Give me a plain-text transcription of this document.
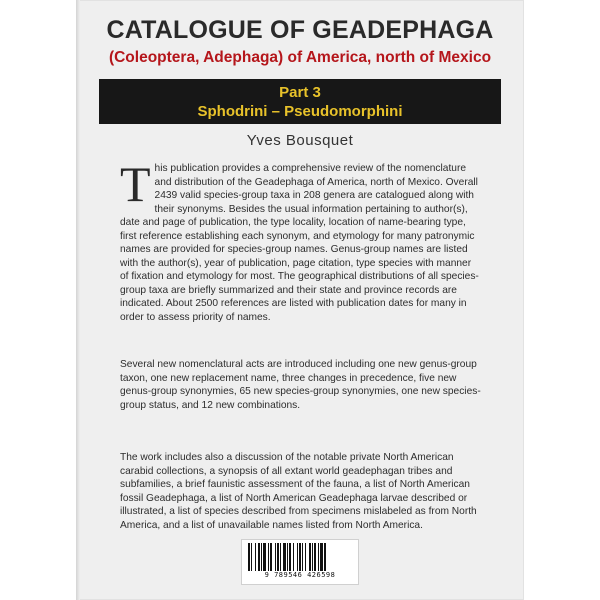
CATALOGUE OF GEADEPHAGA
(Coleoptera, Adephaga) of America, north of Mexico
Part 3
Sphodrini – Pseudomorphini
Yves Bousquet

This publication provides a comprehensive review of the nomenclature and distribution of the Geadephaga of America, north of Mexico. Overall 2439 valid species-group taxa in 208 genera are catalogued along with their synonyms. Besides the usual information pertaining to author(s), date and page of publication, the type locality, location of name-bearing type, first reference establishing each synonym, and etymology for many patronymic names are provided for species-group names. Genus-group names are listed with the author(s), year of publication, page citation, type species with manner of fixation and etymology for most. The geographical distributions of all species-group taxa are briefly summarized and their state and province records are indicated. About 2500 references are listed with publication dates for many in order to assess priority of names.

Several new nomenclatural acts are introduced including one new genus-group taxon, one new replacement name, three changes in precedence, five new genus-group synonymies, 65 new species-group synonymies, one new species-group status, and 12 new combinations.

The work includes also a discussion of the notable private North American carabid collections, a synopsis of all extant world geadephagan tribes and subfamilies, a brief faunistic assessment of the fauna, a list of North American fossil Geadephaga, a list of North American Geadephaga larvae described or illustrated, a list of species described from specimens mislabeled as from North America, and a list of unavailable names listed from North America.

9 789546 426598
